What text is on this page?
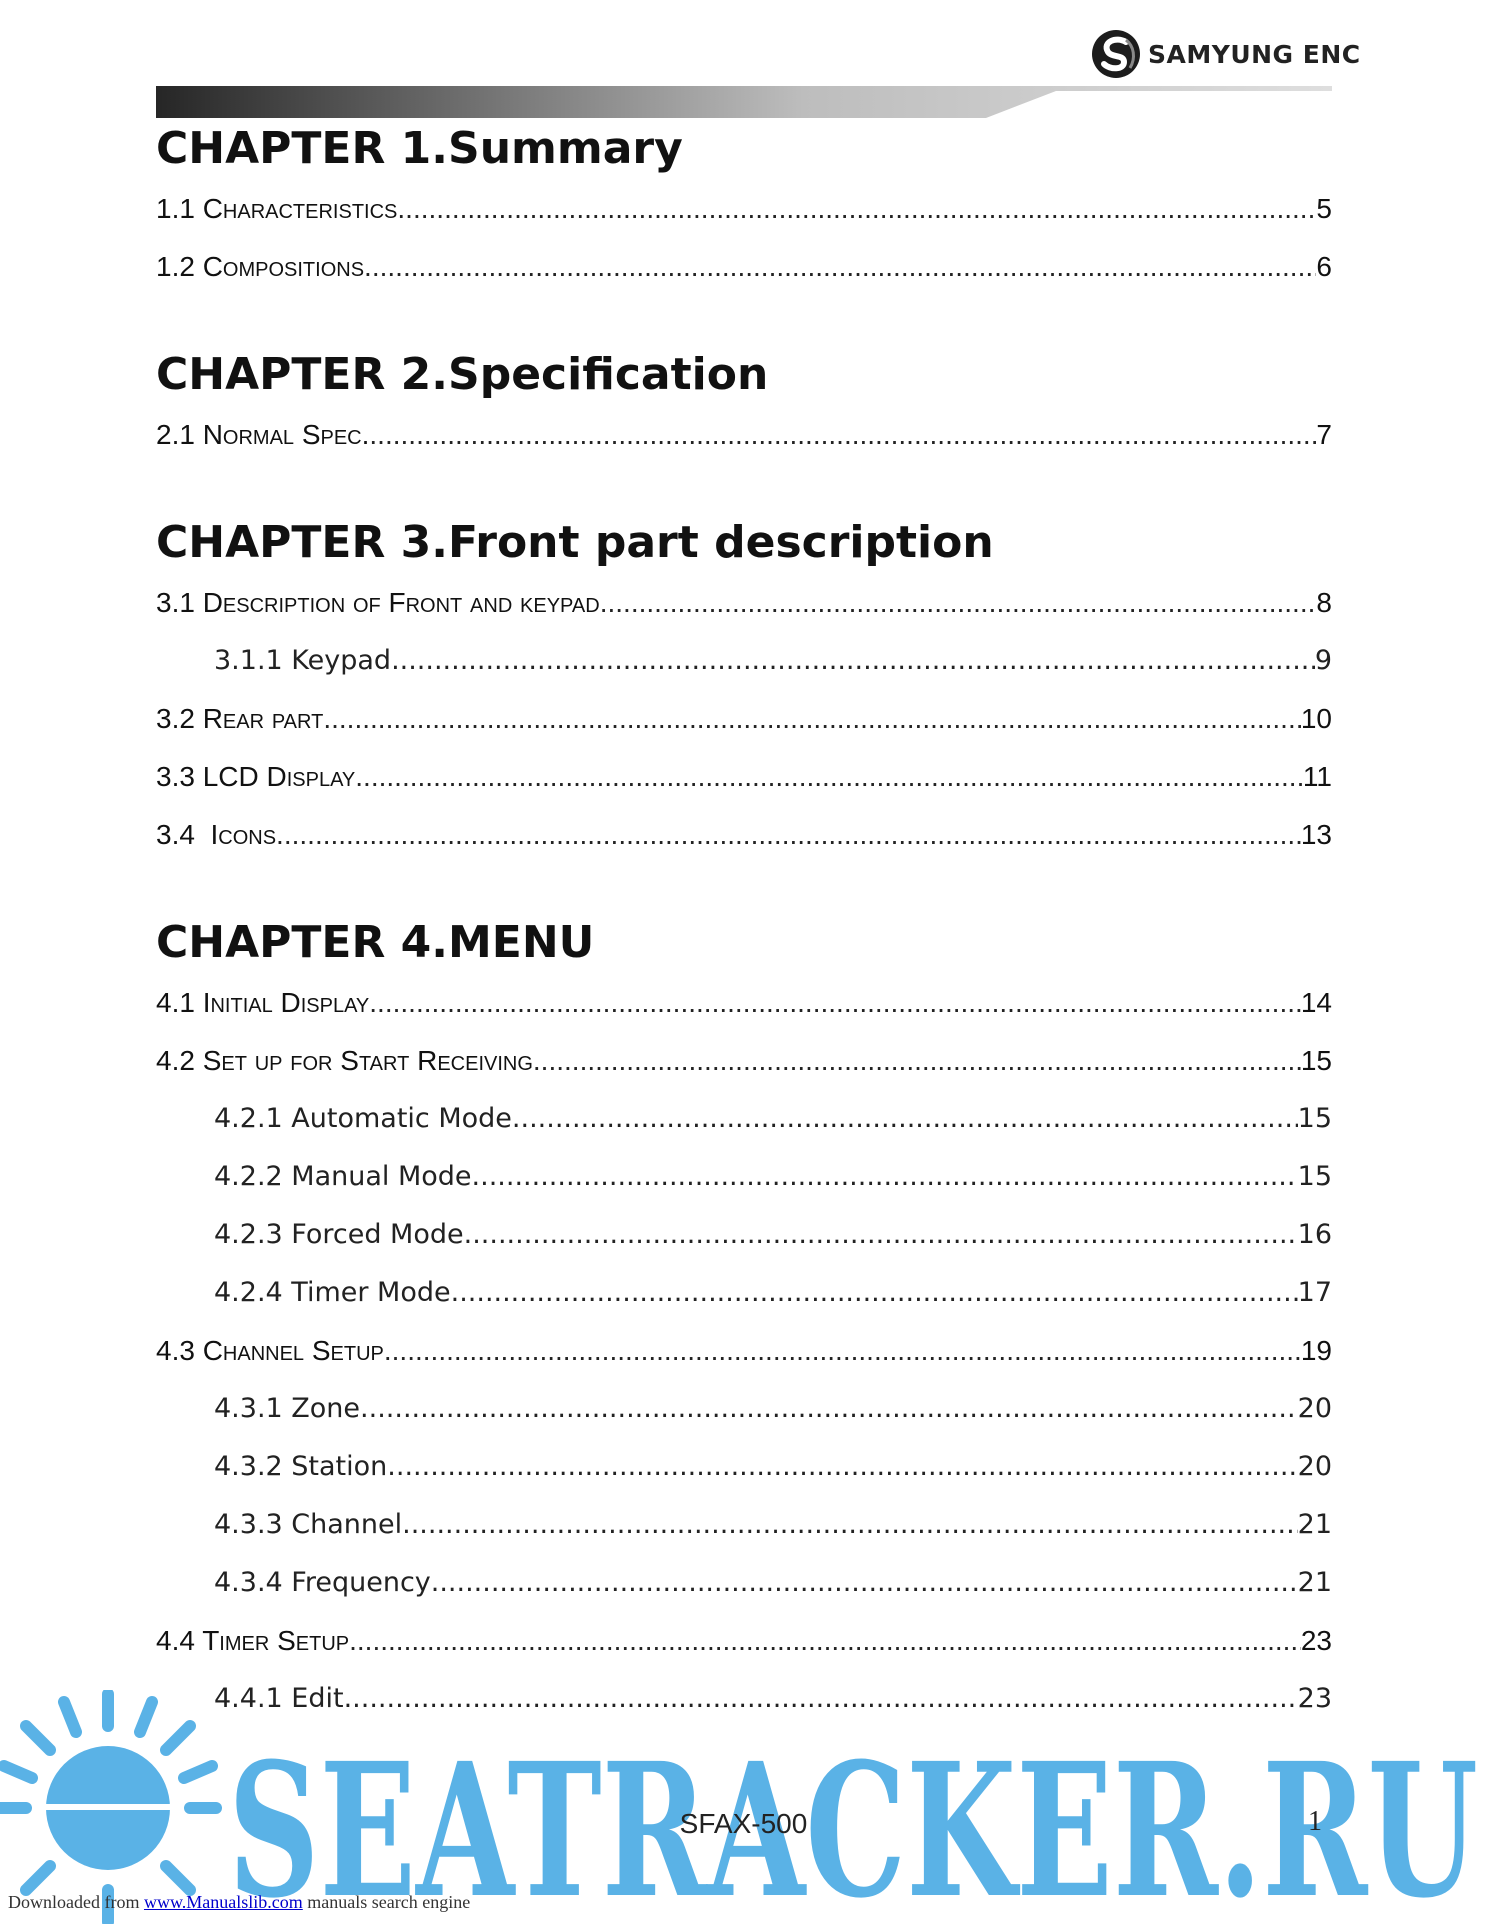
SAMYUNG ENC
CHAPTER 1.Summary
1.1 Characteristics .....	5
1.2 Compositions .....	6
CHAPTER 2.Specification
2.1 Normal Spec. .....	7
CHAPTER 3.Front part description
3.1 Description of Front and keypad .....	8
3.1.1 Keypad .....	9
3.2 Rear part .....	10
3.3 LCD Display .....	11
3.4  Icons .....	13
CHAPTER 4.MENU
4.1 Initial Display .....	14
4.2 Set up for Start Receiving .....	15
4.2.1 Automatic Mode .....	15
4.2.2 Manual Mode .....	15
4.2.3 Forced Mode .....	16
4.2.4 Timer Mode .....	17
4.3 Channel Setup .....	19
4.3.1 Zone .....	20
4.3.2 Station .....	20
4.3.3 Channel .....	21
4.3.4 Frequency .....	21
4.4 Timer Setup .....	23
4.4.1 Edit .....	23
SEATRACKER.RU
SFAX-500	1
Downloaded from www.Manualslib.com manuals search engine
